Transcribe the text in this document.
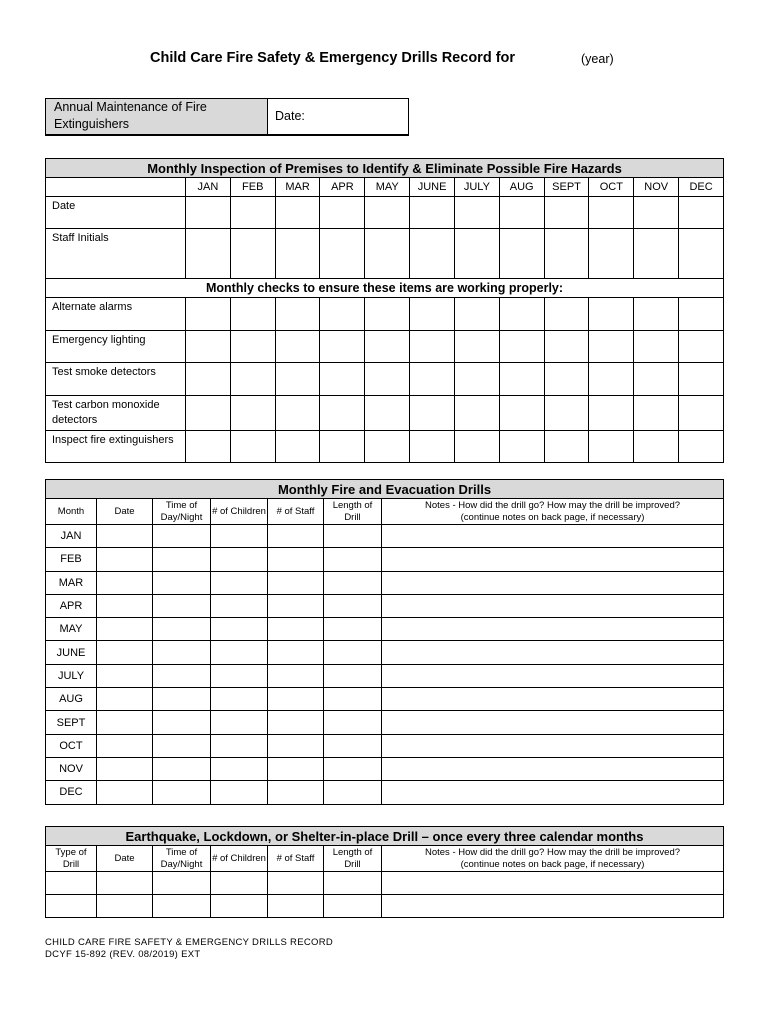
Child Care Fire Safety & Emergency Drills Record for	(year)
Annual Maintenance of Fire Extinguishers	Date:
Monthly Inspection of Premises to Identify & Eliminate Possible Fire Hazards												
	JAN	FEB	MAR	APR	MAY	JUNE	JULY	AUG	SEPT	OCT	NOV	DEC
Date												
Staff Initials												
Monthly checks to ensure these items are working properly:												
Alternate alarms												
Emergency lighting												
Test smoke detectors												
Test carbon monoxide detectors												
Inspect fire extinguishers												
Monthly Fire and Evacuation Drills						
Month	Date	Time of Day/Night	# of Children	# of Staff	Length of Drill	Notes - How did the drill go? How may the drill be improved?
(continue notes on back page, if necessary)

JAN						
FEB						
MAR						
APR						
MAY						
JUNE						
JULY						
AUG						
SEPT						
OCT						
NOV						
DEC						
Earthquake, Lockdown, or Shelter-in-place Drill – once every three calendar months						
Type of Drill	Date	Time of Day/Night	# of Children	# of Staff	Length of Drill	Notes - How did the drill go? How may the drill be improved?
(continue notes on back page, if necessary)

CHILD CARE FIRE SAFETY & EMERGENCY DRILLS RECORD
DCYF 15-892 (REV. 08/2019) EXT
